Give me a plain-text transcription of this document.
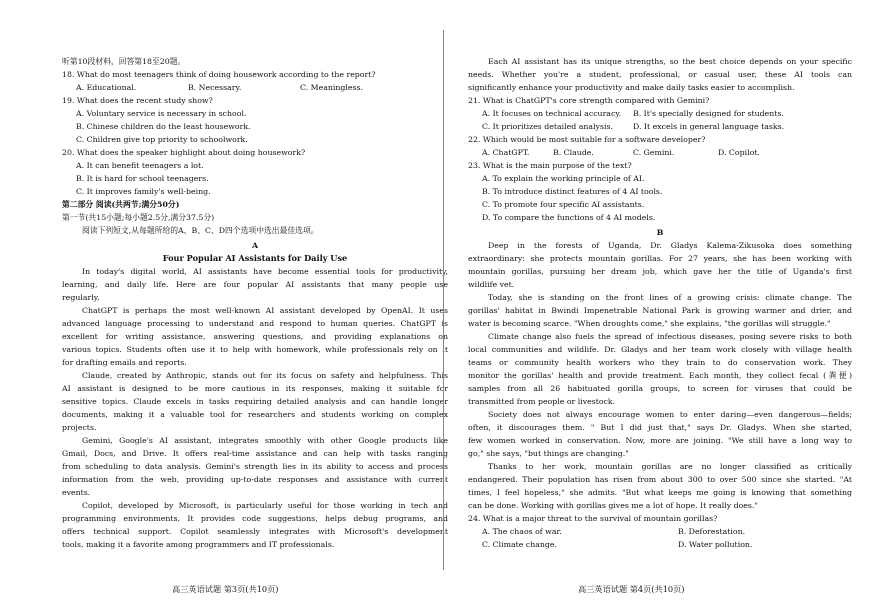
听第10段材料，回答第18至20题。
18. What do most teenagers think of doing housework according to the report?
A. Educational.	B. Necessary.	C. Meaningless.
19. What does the recent study show?
A. Voluntary service is necessary in school.
B. Chinese children do the least housework.
C. Children give top priority to schoolwork.
20. What does the speaker highlight about doing housework?
A. It can benefit teenagers a lot.
B. It is hard for school teenagers.
C. It improves family's well-being.
第二部分 阅读(共两节;满分50分)
第一节(共15小题;每小题2.5分,满分37.5分)
阅读下列短文,从每题所给的A、B、C、D四个选项中选出最佳选项。
A
Four Popular AI Assistants for Daily Use
In today's digital world, AI assistants have become essential tools for productivity,
learning, and daily life. Here are four popular AI assistants that many people use
regularly.
ChatGPT is perhaps the most well-known AI assistant developed by OpenAI. It uses
advanced language processing to understand and respond to human queries. ChatGPT is
excellent for writing assistance, answering questions, and providing explanations on
various topics. Students often use it to help with homework, while professionals rely on it
for drafting emails and reports.
Claude, created by Anthropic, stands out for its focus on safety and helpfulness. This
AI assistant is designed to be more cautious in its responses, making it suitable for
sensitive topics. Claude excels in tasks requiring detailed analysis and can handle longer
documents, making it a valuable tool for researchers and students working on complex
projects.
Gemini, Google's AI assistant, integrates smoothly with other Google products like
Gmail, Docs, and Drive. It offers real-time assistance and can help with tasks ranging
from scheduling to data analysis. Gemini's strength lies in its ability to access and process
information from the web, providing up-to-date responses and assistance with current
events.
Copilot, developed by Microsoft, is particularly useful for those working in tech and
programming environments. It provides code suggestions, helps debug programs, and
offers technical support. Copilot seamlessly integrates with Microsoft's development
tools, making it a favorite among programmers and IT professionals.
高三英语试题 第3页(共10页)
Each AI assistant has its unique strengths, so the best choice depends on your specific
needs. Whether you're a student, professional, or casual user, these AI tools can
significantly enhance your productivity and make daily tasks easier to accomplish.
21. What is ChatGPT's core strength compared with Gemini?
A. It focuses on technical accuracy. B. It's specially designed for students.
C. It prioritizes detailed analysis.	D. It excels in general language tasks.
22. Which would be most suitable for a software developer?
A. ChatGPT.	B. Claude.	C. Gemini.	D. Copilot.
23. What is the main purpose of the text?
A. To explain the working principle of AI.
B. To introduce distinct features of 4 AI tools.
C. To promote four specific AI assistants.
D. To compare the functions of 4 AI models.
B
Deep in the forests of Uganda, Dr. Gladys Kalema-Zikusoka does something
extraordinary: she protects mountain gorillas. For 27 years, she has been working with
mountain gorillas, pursuing her dream job, which gave her the title of Uganda's first
wildlife vet.
Today, she is standing on the front lines of a growing crisis: climate change. The
gorillas' habitat in Bwindi Impenetrable National Park is growing warmer and drier, and
water is becoming scarce. "When droughts come," she explains, "the gorillas will struggle."
Climate change also fuels the spread of infectious diseases, posing severe risks to both
local communities and wildlife. Dr. Gladys and her team work closely with village health
teams or community health workers who they train to do conservation work. They
monitor the gorillas' health and provide treatment. Each month, they collect fecal (粪便)
samples from all 26 habituated gorilla groups, to screen for viruses that could be
transmitted from people or livestock.
Society does not always encourage women to enter daring—even dangerous—fields;
often, it discourages them. " But I did just that," says Dr. Gladys. When she started,
few women worked in conservation. Now, more are joining. "We still have a long way to
go," she says, "but things are changing."
Thanks to her work, mountain gorillas are no longer classified as critically
endangered. Their population has risen from about 300 to over 500 since she started. "At
times, I feel hopeless," she admits. "But what keeps me going is knowing that something
can be done. Working with gorillas gives me a lot of hope. It really does."
24. What is a major threat to the survival of mountain gorillas?
A. The chaos of war.	B. Deforestation.
C. Climate change.	D. Water pollution.
高三英语试题 第4页(共10页)
